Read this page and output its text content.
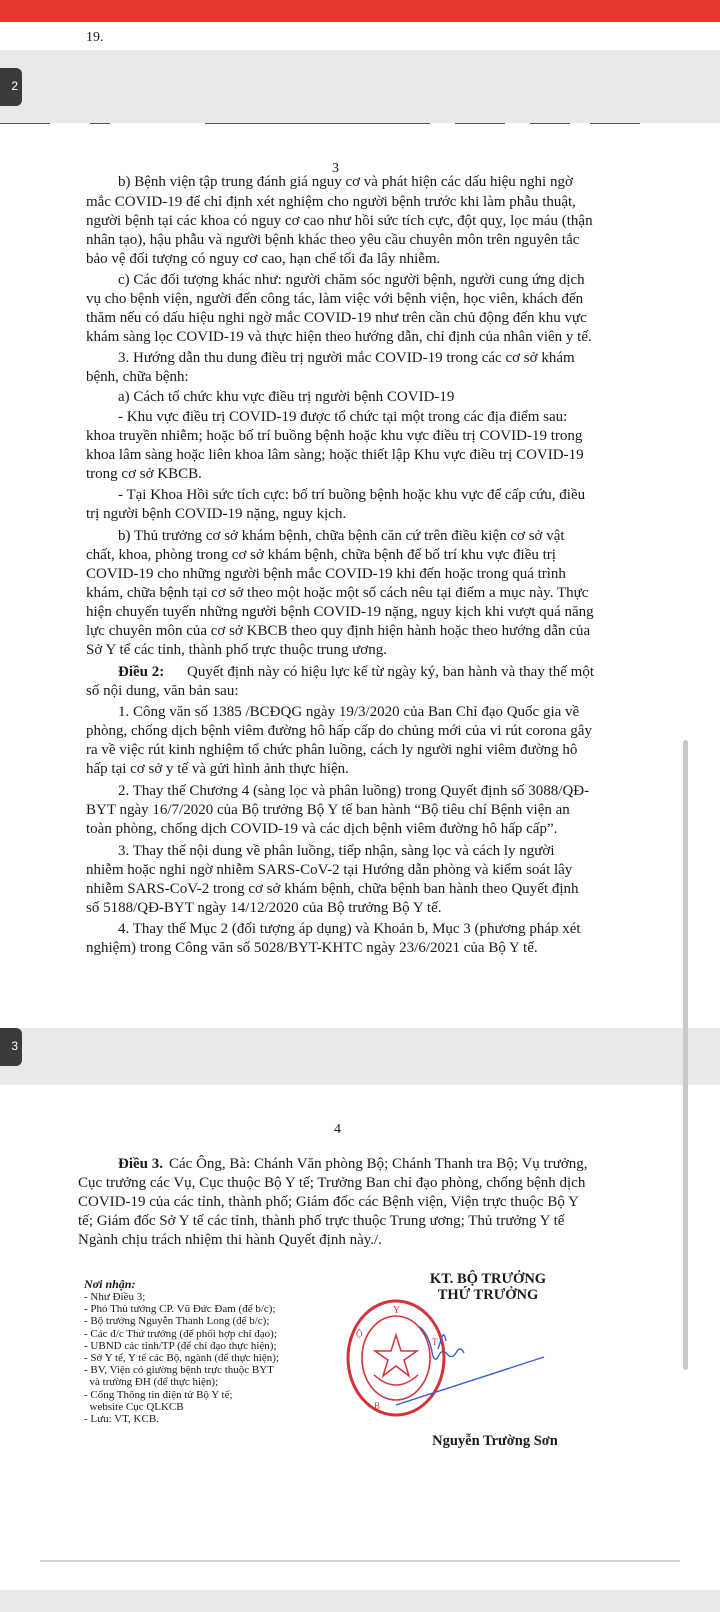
19.
2
3
b) Bệnh viện tập trung đánh giá nguy cơ và phát hiện các dấu hiệu nghi ngờ
mắc COVID-19 để chỉ định xét nghiệm cho người bệnh trước khi làm phẫu thuật,
người bệnh tại các khoa có nguy cơ cao như hồi sức tích cực, đột quỵ, lọc máu (thận
nhân tạo), hậu phẫu và người bệnh khác theo yêu cầu chuyên môn trên nguyên tắc
bảo vệ đối tượng có nguy cơ cao, hạn chế tối đa lây nhiễm.
c) Các đối tượng khác như: người chăm sóc người bệnh, người cung ứng dịch
vụ cho bệnh viện, người đến công tác, làm việc với bệnh viện, học viên, khách đến
thăm nếu có dấu hiệu nghi ngờ mắc COVID-19 như trên cần chủ động đến khu vực
khám sàng lọc COVID-19 và thực hiện theo hướng dẫn, chỉ định của nhân viên y tế.
3. Hướng dẫn thu dung điều trị người mắc COVID-19 trong các cơ sở khám
bệnh, chữa bệnh:
a) Cách tổ chức khu vực điều trị người bệnh COVID-19
- Khu vực điều trị COVID-19 được tổ chức tại một trong các địa điểm sau:
khoa truyền nhiễm; hoặc bố trí buồng bệnh hoặc khu vực điều trị COVID-19 trong
khoa lâm sàng hoặc liên khoa lâm sàng; hoặc thiết lập Khu vực điều trị COVID-19
trong cơ sở KBCB.
- Tại Khoa Hồi sức tích cực: bố trí buồng bệnh hoặc khu vực để cấp cứu, điều
trị người bệnh COVID-19 nặng, nguy kịch.
b) Thủ trưởng cơ sở khám bệnh, chữa bệnh căn cứ trên điều kiện cơ sở vật
chất, khoa, phòng trong cơ sở khám bệnh, chữa bệnh để bố trí khu vực điều trị
COVID-19 cho những người bệnh mắc COVID-19 khi đến hoặc trong quá trình
khám, chữa bệnh tại cơ sở theo một hoặc một số cách nêu tại điểm a mục này. Thực
hiện chuyển tuyến những người bệnh COVID-19 nặng, nguy kịch khi vượt quá năng
lực chuyên môn của cơ sở KBCB theo quy định hiện hành hoặc theo hướng dẫn của
Sở Y tế các tỉnh, thành phố trực thuộc trung ương.
Điều 2:	Quyết định này có hiệu lực kể từ ngày ký, ban hành và thay thế một
số nội dung, văn bản sau:
1. Công văn số 1385 /BCĐQG ngày 19/3/2020 của Ban Chỉ đạo Quốc gia về
phòng, chống dịch bệnh viêm đường hô hấp cấp do chủng mới của vi rút corona gây
ra về việc rút kinh nghiệm tổ chức phân luồng, cách ly người nghi viêm đường hô
hấp tại cơ sở y tế và gửi hình ảnh thực hiện.
2. Thay thế Chương 4 (sàng lọc và phân luồng) trong Quyết định số 3088/QĐ-
BYT ngày 16/7/2020 của Bộ trưởng Bộ Y tế ban hành “Bộ tiêu chí Bệnh viện an
toàn phòng, chống dịch COVID-19 và các dịch bệnh viêm đường hô hấp cấp”.
3. Thay thế nội dung về phân luồng, tiếp nhận, sàng lọc và cách ly người
nhiễm hoặc nghi ngờ nhiễm SARS-CoV-2 tại Hướng dẫn phòng và kiểm soát lây
nhiễm SARS-CoV-2 trong cơ sở khám bệnh, chữa bệnh ban hành theo Quyết định
số 5188/QĐ-BYT ngày 14/12/2020 của Bộ trưởng Bộ Y tế.
4. Thay thế Mục 2 (đối tượng áp dụng) và Khoản b, Mục 3 (phương pháp xét
nghiệm) trong Công văn số 5028/BYT-KHTC ngày 23/6/2021 của Bộ Y tế.
3
4
Điều 3. Các Ông, Bà: Chánh Văn phòng Bộ; Chánh Thanh tra Bộ; Vụ trưởng,
Cục trưởng các Vụ, Cục thuộc Bộ Y tế; Trưởng Ban chỉ đạo phòng, chống bệnh dịch
COVID-19 của các tỉnh, thành phố; Giám đốc các Bệnh viện, Viện trực thuộc Bộ Y
tế; Giám đốc Sở Y tế các tỉnh, thành phố trực thuộc Trung ương; Thủ trưởng Y tế
Ngành chịu trách nhiệm thi hành Quyết định này./.
Nơi nhận:
- Như Điều 3;
- Phó Thủ tướng CP. Vũ Đức Đam (để b/c);
- Bộ trưởng Nguyễn Thanh Long (để b/c);
- Các đ/c Thứ trưởng (để phối hợp chỉ đạo);
- UBND các tỉnh/TP (để chỉ đạo thực hiện);
- Sở Y tế, Y tế các Bộ, ngành (để thực hiện);
- BV, Viện có giường bệnh trực thuộc BYT
và trường ĐH (để thực hiện);
- Cổng Thông tin điện tử Bộ Y tế;
website Cục QLKCB
- Lưu: VT, KCB.
KT. BỘ TRƯỞNG
THỨ TRƯỞNG
Y
Ộ
T
B
Nguyễn Trường Sơn
